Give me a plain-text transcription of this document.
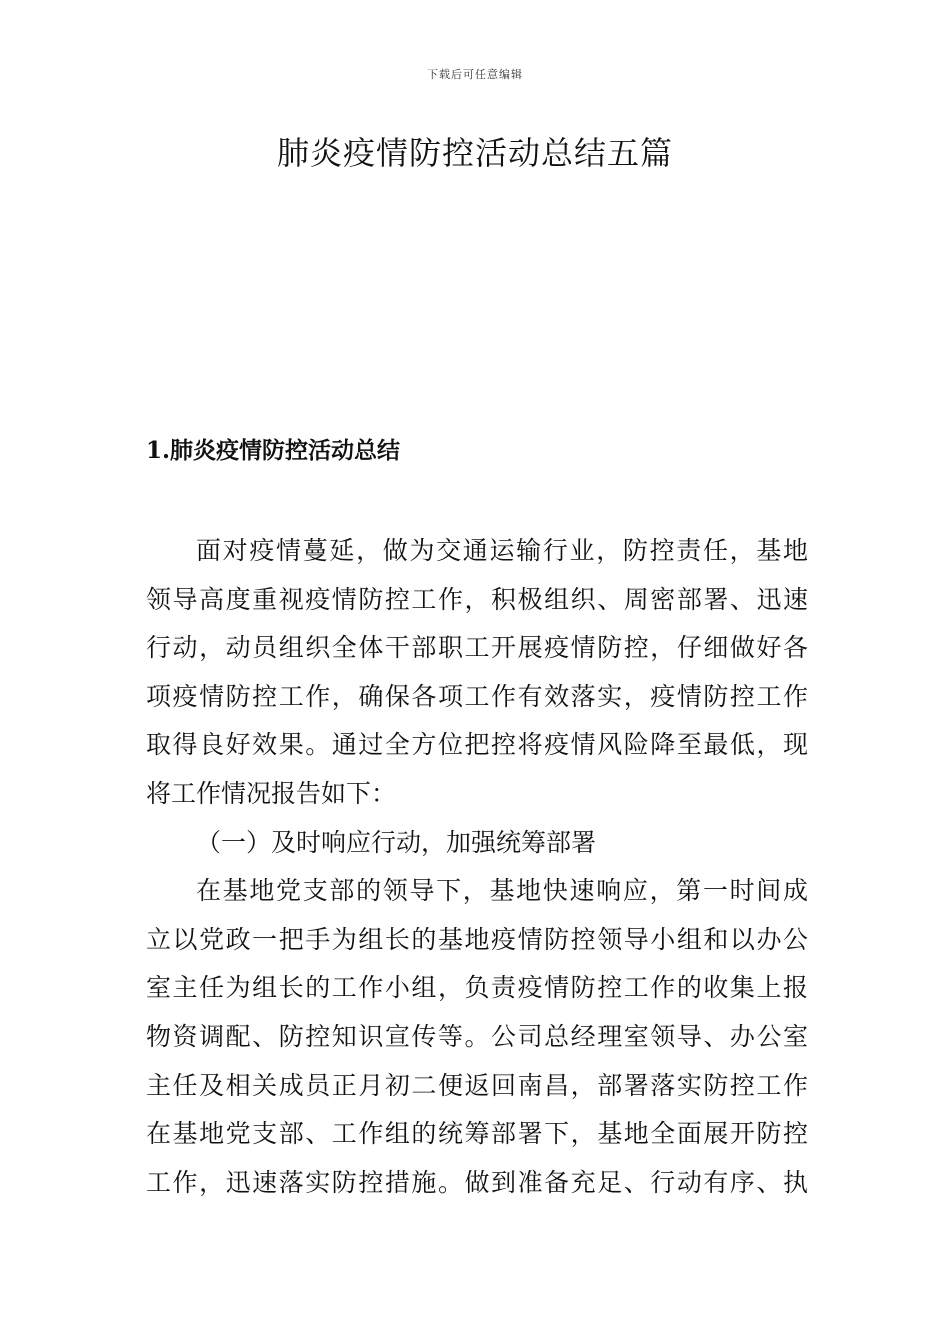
下载后可任意编辑
肺炎疫情防控活动总结五篇
1.肺炎疫情防控活动总结
面对疫情蔓延，做为交通运输行业，防控责任，基地
领导高度重视疫情防控工作，积极组织、周密部署、迅速
行动，动员组织全体干部职工开展疫情防控，仔细做好各
项疫情防控工作，确保各项工作有效落实，疫情防控工作
取得良好效果。通过全方位把控将疫情风险降至最低，现
将工作情况报告如下：
（一）及时响应行动，加强统筹部署
在基地党支部的领导下，基地快速响应，第一时间成
立以党政一把手为组长的基地疫情防控领导小组和以办公
室主任为组长的工作小组，负责疫情防控工作的收集上报
物资调配、防控知识宣传等。公司总经理室领导、办公室
主任及相关成员正月初二便返回南昌，部署落实防控工作
在基地党支部、工作组的统筹部署下，基地全面展开防控
工作，迅速落实防控措施。做到准备充足、行动有序、执
